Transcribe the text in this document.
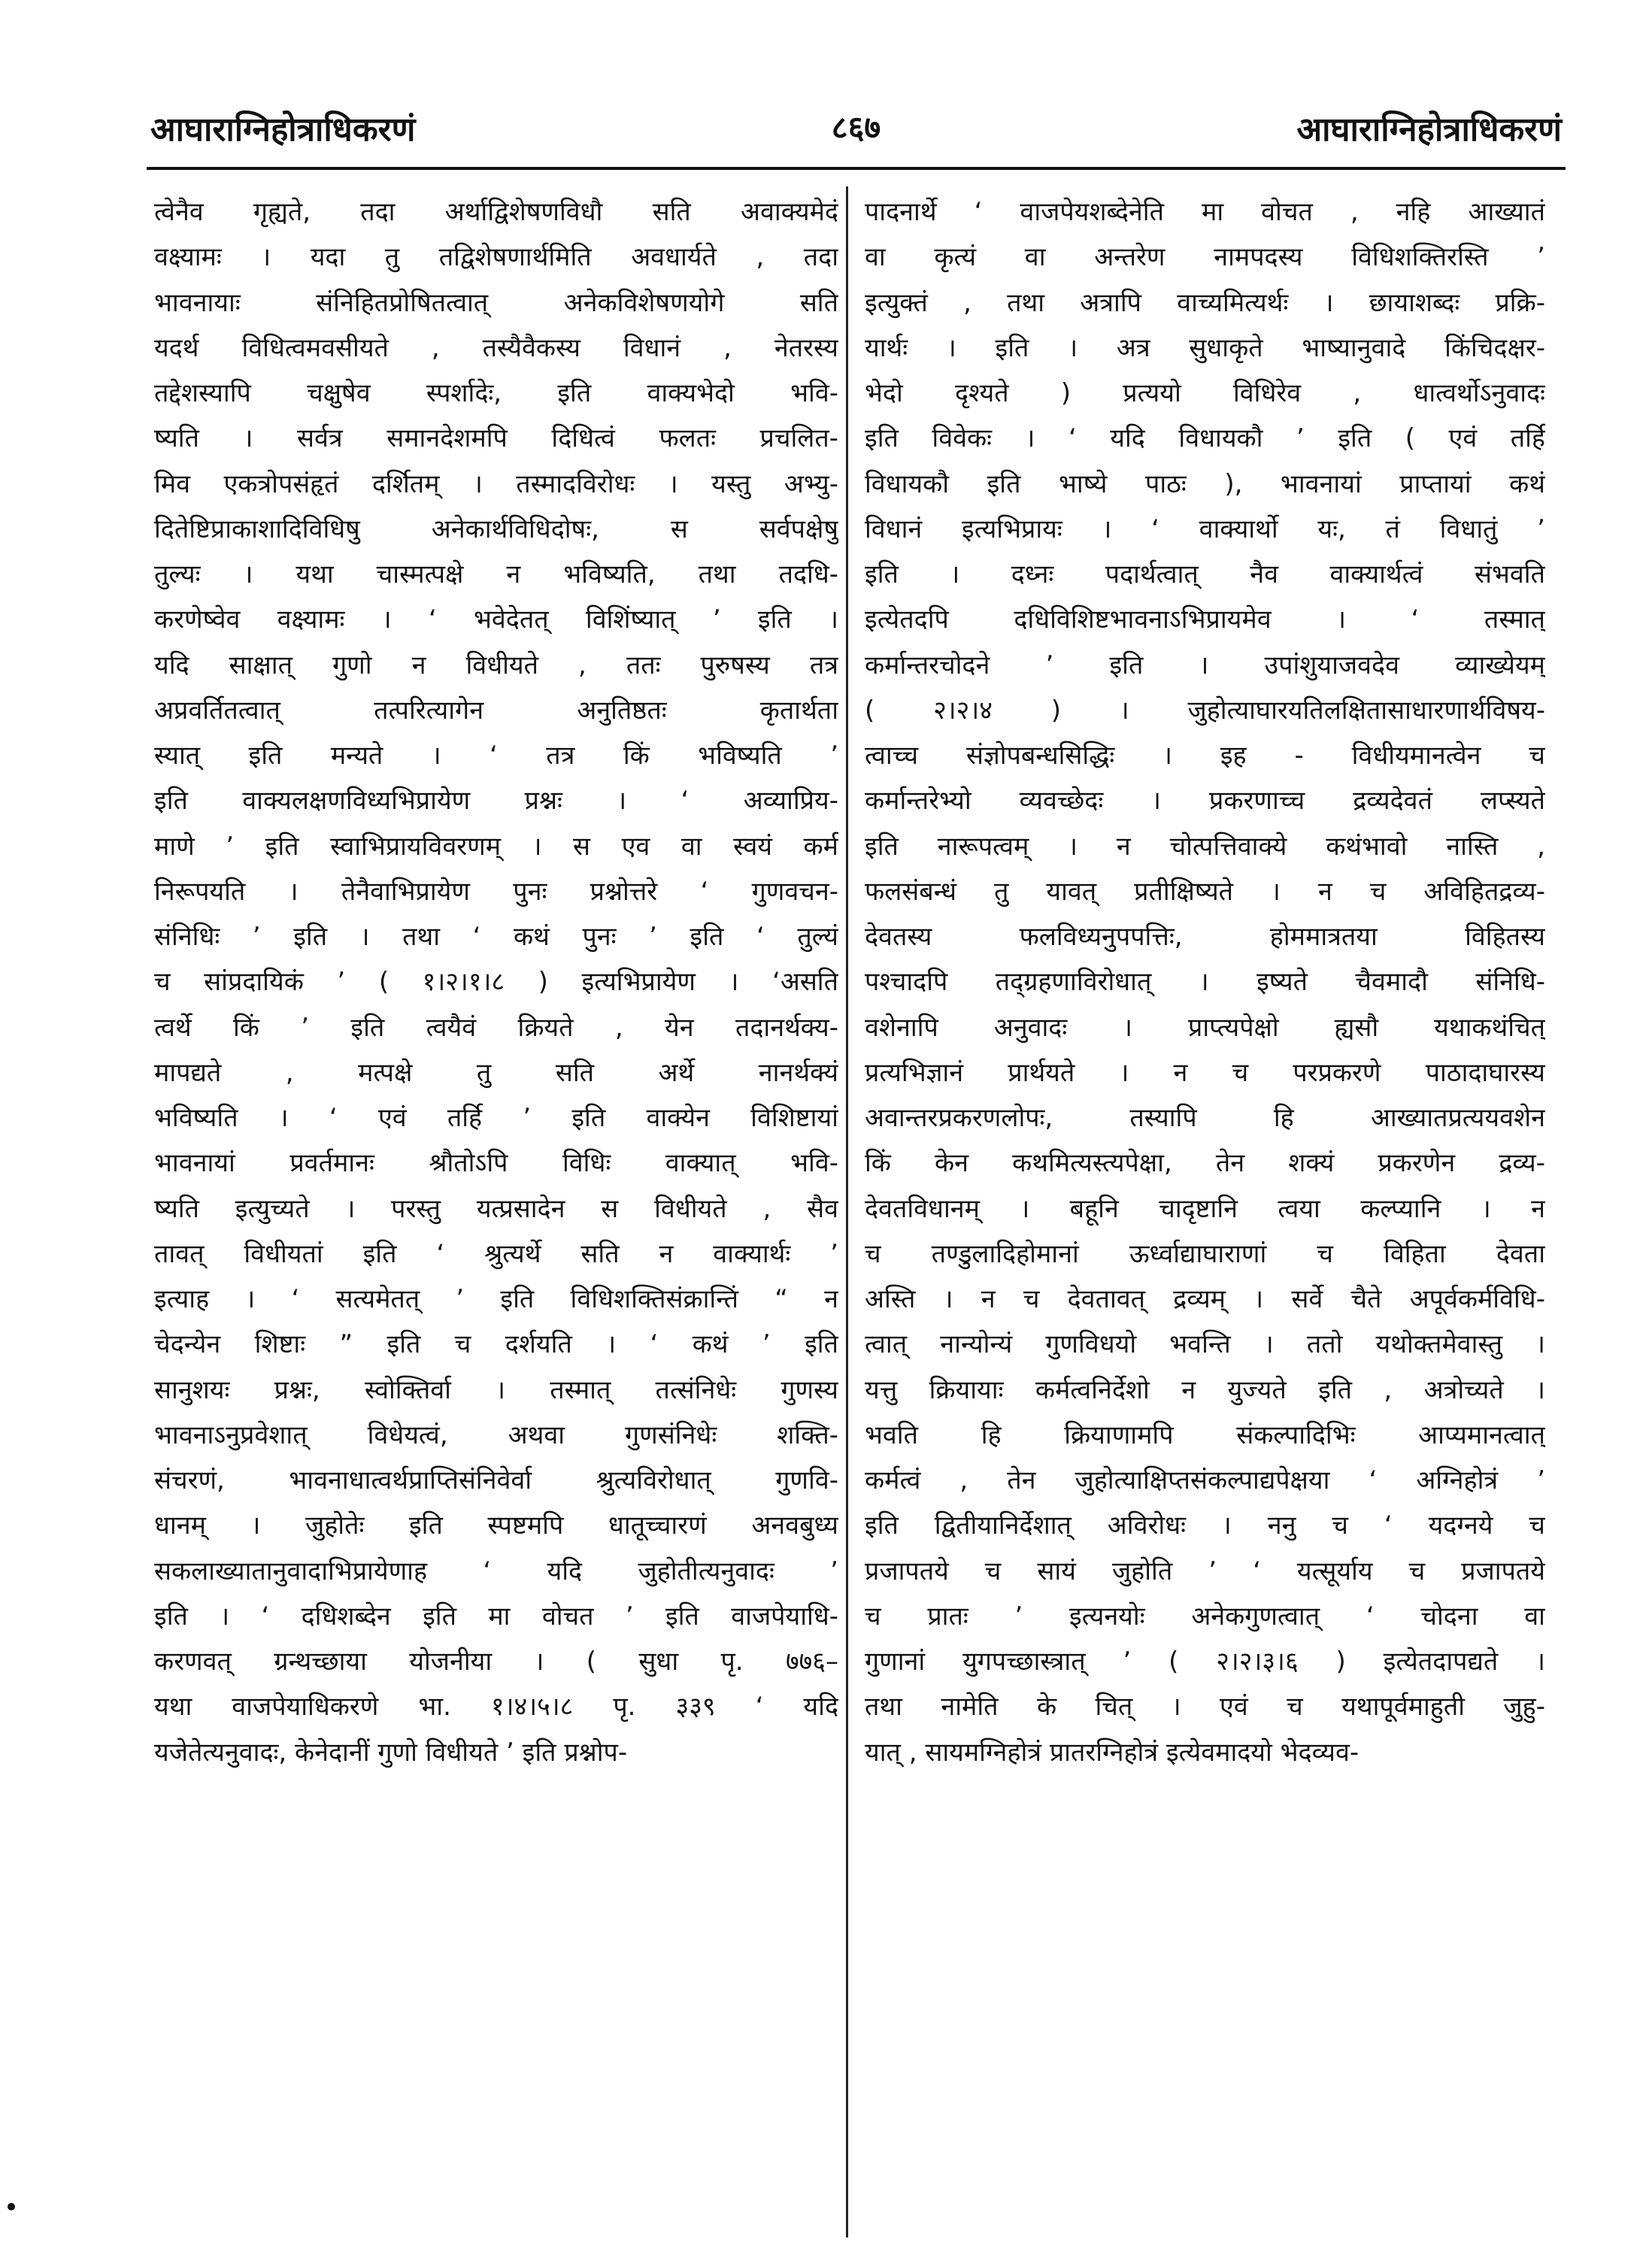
आघाराग्निहोत्राधिकरणं	८६७	आघाराग्निहोत्राधिकरणं
त्वेनैव गृह्यते, तदा अर्थाद्विशेषणविधौ सति अवाक्यमेदं
वक्ष्यामः । यदा तु तद्विशेषणार्थमिति अवधार्यते , तदा
भावनायाः संनिहितप्रोषितत्वात् अनेकविशेषणयोगे सति
यदर्थ विधित्वमवसीयते , तस्यैवैकस्य विधानं , नेतरस्य
तद्देशस्यापि चक्षुषेव स्पर्शादेः, इति वाक्यभेदो भवि-
ष्यति । सर्वत्र समानदेशमपि दिधित्वं फलतः प्रचलित-
मिव एकत्रोपसंहृतं दर्शितम् । तस्मादविरोधः । यस्तु अभ्यु-
दितेष्टिप्राकाशादिविधिषु अनेकार्थविधिदोषः, स सर्वपक्षेषु
तुल्यः । यथा चास्मत्पक्षे न भविष्यति, तथा तदधि-
करणेष्वेव वक्ष्यामः । ‘ भवेदेतत् विशिंष्यात् ’ इति ।
यदि साक्षात् गुणो न विधीयते , ततः पुरुषस्य तत्र
अप्रवर्तितत्वात् तत्परित्यागेन अनुतिष्ठतः कृतार्थता
स्यात् इति मन्यते । ‘ तत्र किं भविष्यति ’
इति वाक्यलक्षणविध्यभिप्रायेण प्रश्नः । ‘ अव्याप्रिय-
माणे ’ इति स्वाभिप्रायविवरणम् । स एव वा स्वयं कर्म
निरूपयति । तेनैवाभिप्रायेण पुनः प्रश्नोत्तरे ‘ गुणवचन-
संनिधिः ’ इति । तथा ‘ कथं पुनः ’ इति ‘ तुल्यं
च सांप्रदायिकं ’ ( १।२।१।८ ) इत्यभिप्रायेण । ‘असति
त्वर्थे किं ’ इति त्वयैवं क्रियते , येन तदानर्थक्य-
मापद्यते , मत्पक्षे तु सति अर्थे नानर्थक्यं
भविष्यति । ‘ एवं तर्हि ’ इति वाक्येन विशिष्टायां
भावनायां प्रवर्तमानः श्रौतोऽपि विधिः वाक्यात् भवि-
ष्यति इत्युच्यते । परस्तु यत्प्रसादेन स विधीयते , सैव
तावत् विधीयतां इति ‘ श्रुत्यर्थे सति न वाक्यार्थः ’
इत्याह । ‘ सत्यमेतत् ’ इति विधिशक्तिसंक्रान्तिं “ न
चेदन्येन शिष्टाः ” इति च दर्शयति । ‘ कथं ’ इति
सानुशयः प्रश्नः, स्वोक्तिर्वा । तस्मात् तत्संनिधेः गुणस्य
भावनाऽनुप्रवेशात् विधेयत्वं, अथवा गुणसंनिधेः शक्ति-
संचरणं, भावनाधात्वर्थप्राप्तिसंनिवेर्वा श्रुत्यविरोधात् गुणवि-
धानम् । जुहोतेः इति स्पष्टमपि धातूच्चारणं अनवबुध्य
सकलाख्यातानुवादाभिप्रायेणाह ‘ यदि जुहोतीत्यनुवादः ’
इति । ‘ दधिशब्देन इति मा वोचत ’ इति वाजपेयाधि-
करणवत् ग्रन्थच्छाया योजनीया । ( सुधा पृ. ७७६–
यथा वाजपेयाधिकरणे भा. १।४।५।८ पृ. ३३९ ‘ यदि
यजेतेत्यनुवादः, केनेदानीं गुणो विधीयते ’ इति प्रश्नोप-
पादनार्थे ‘ वाजपेयशब्देनेति मा वोचत , नहि आख्यातं
वा कृत्यं वा अन्तरेण नामपदस्य विधिशक्तिरस्ति ’
इत्युक्तं , तथा अत्रापि वाच्यमित्यर्थः । छायाशब्दः प्रक्रि-
यार्थः । इति । अत्र सुधाकृते भाष्यानुवादे किंचिदक्षर-
भेदो दृश्यते ) प्रत्ययो विधिरेव , धात्वर्थोऽनुवादः
इति विवेकः । ‘ यदि विधायकौ ’ इति ( एवं तर्हि
विधायकौ इति भाष्ये पाठः ), भावनायां प्राप्तायां कथं
विधानं इत्यभिप्रायः । ‘ वाक्यार्थो यः, तं विधातुं ’
इति । दध्नः पदार्थत्वात् नैव वाक्यार्थत्वं संभवति
इत्येतदपि दधिविशिष्टभावनाऽभिप्रायमेव । ‘ तस्मात्
कर्मान्तरचोदने ’ इति । उपांशुयाजवदेव व्याख्येयम्
( २।२।४ ) । जुहोत्याघारयतिलक्षितासाधारणार्थविषय-
त्वाच्च संज्ञोपबन्धसिद्धिः । इह - विधीयमानत्वेन च
कर्मान्तरेभ्यो व्यवच्छेदः । प्रकरणाच्च द्रव्यदेवतं लप्स्यते
इति नारूपत्वम् । न चोत्पत्तिवाक्ये कथंभावो नास्ति ,
फलसंबन्धं तु यावत् प्रतीक्षिष्यते । न च अविहितद्रव्य-
देवतस्य फलविध्यनुपपत्तिः, होममात्रतया विहितस्य
पश्चादपि तद्ग्रहणाविरोधात् । इष्यते चैवमादौ संनिधि-
वशेनापि अनुवादः । प्राप्त्यपेक्षो ह्यसौ यथाकथंचित्
प्रत्यभिज्ञानं प्रार्थयते । न च परप्रकरणे पाठादाघारस्य
अवान्तरप्रकरणलोपः, तस्यापि हि आख्यातप्रत्ययवशेन
किं केन कथमित्यस्त्यपेक्षा, तेन शक्यं प्रकरणेन द्रव्य-
देवतविधानम् । बहूनि चादृष्टानि त्वया कल्प्यानि । न
च तण्डुलादिहोमानां ऊर्ध्वाद्याघाराणां च विहिता देवता
अस्ति । न च देवतावत् द्रव्यम् । सर्वे चैते अपूर्वकर्मविधि-
त्वात् नान्योन्यं गुणविधयो भवन्ति । ततो यथोक्तमेवास्तु ।
यत्तु क्रियायाः कर्मत्वनिर्देशो न युज्यते इति , अत्रोच्यते ।
भवति हि क्रियाणामपि संकल्पादिभिः आप्यमानत्वात्
कर्मत्वं , तेन जुहोत्याक्षिप्तसंकल्पाद्यपेक्षया ‘ अग्निहोत्रं ’
इति द्वितीयानिर्देशात् अविरोधः । ननु च ‘ यदग्नये च
प्रजापतये च सायं जुहोति ’ ‘ यत्सूर्याय च प्रजापतये
च प्रातः ’ इत्यनयोः अनेकगुणत्वात् ‘ चोदना वा
गुणानां युगपच्छास्त्रात् ’ ( २।२।३।६ ) इत्येतदापद्यते ।
तथा नामेति के चित् । एवं च यथापूर्वमाहुती जुहु-
यात् , सायमग्निहोत्रं प्रातरग्निहोत्रं इत्येवमादयो भेदव्यव-
